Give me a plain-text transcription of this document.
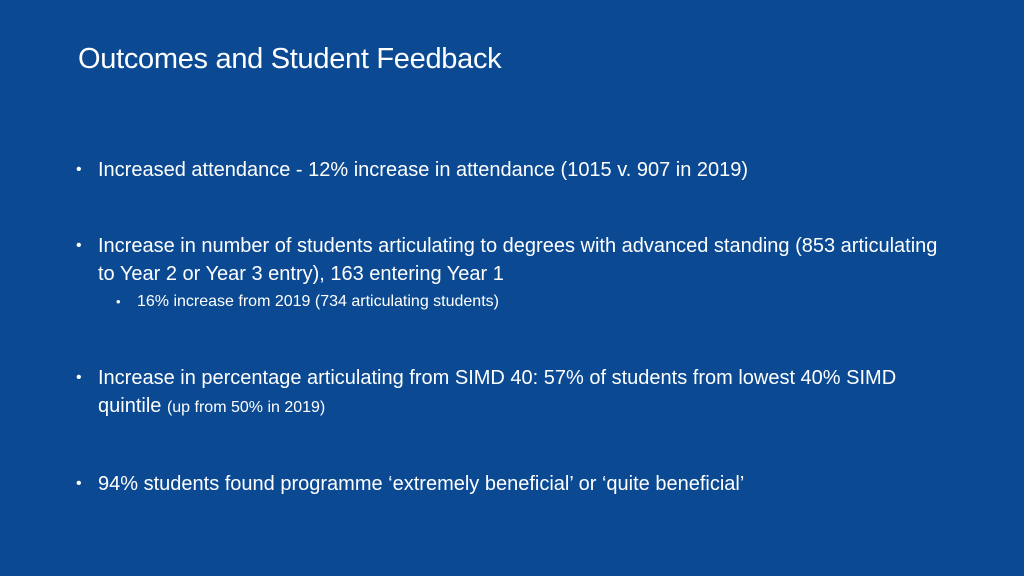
Outcomes and Student Feedback
• Increased attendance - 12% increase in attendance (1015 v. 907 in 2019)
• Increase in number of students articulating to degrees with advanced standing (853 articulating to Year 2 or Year 3 entry), 163 entering Year 1
• 16% increase from 2019 (734 articulating students)
• Increase in percentage articulating from SIMD 40: 57% of students from lowest 40% SIMD quintile (up from 50% in 2019)
• 94% students found programme ‘extremely beneficial’ or ‘quite beneficial’
